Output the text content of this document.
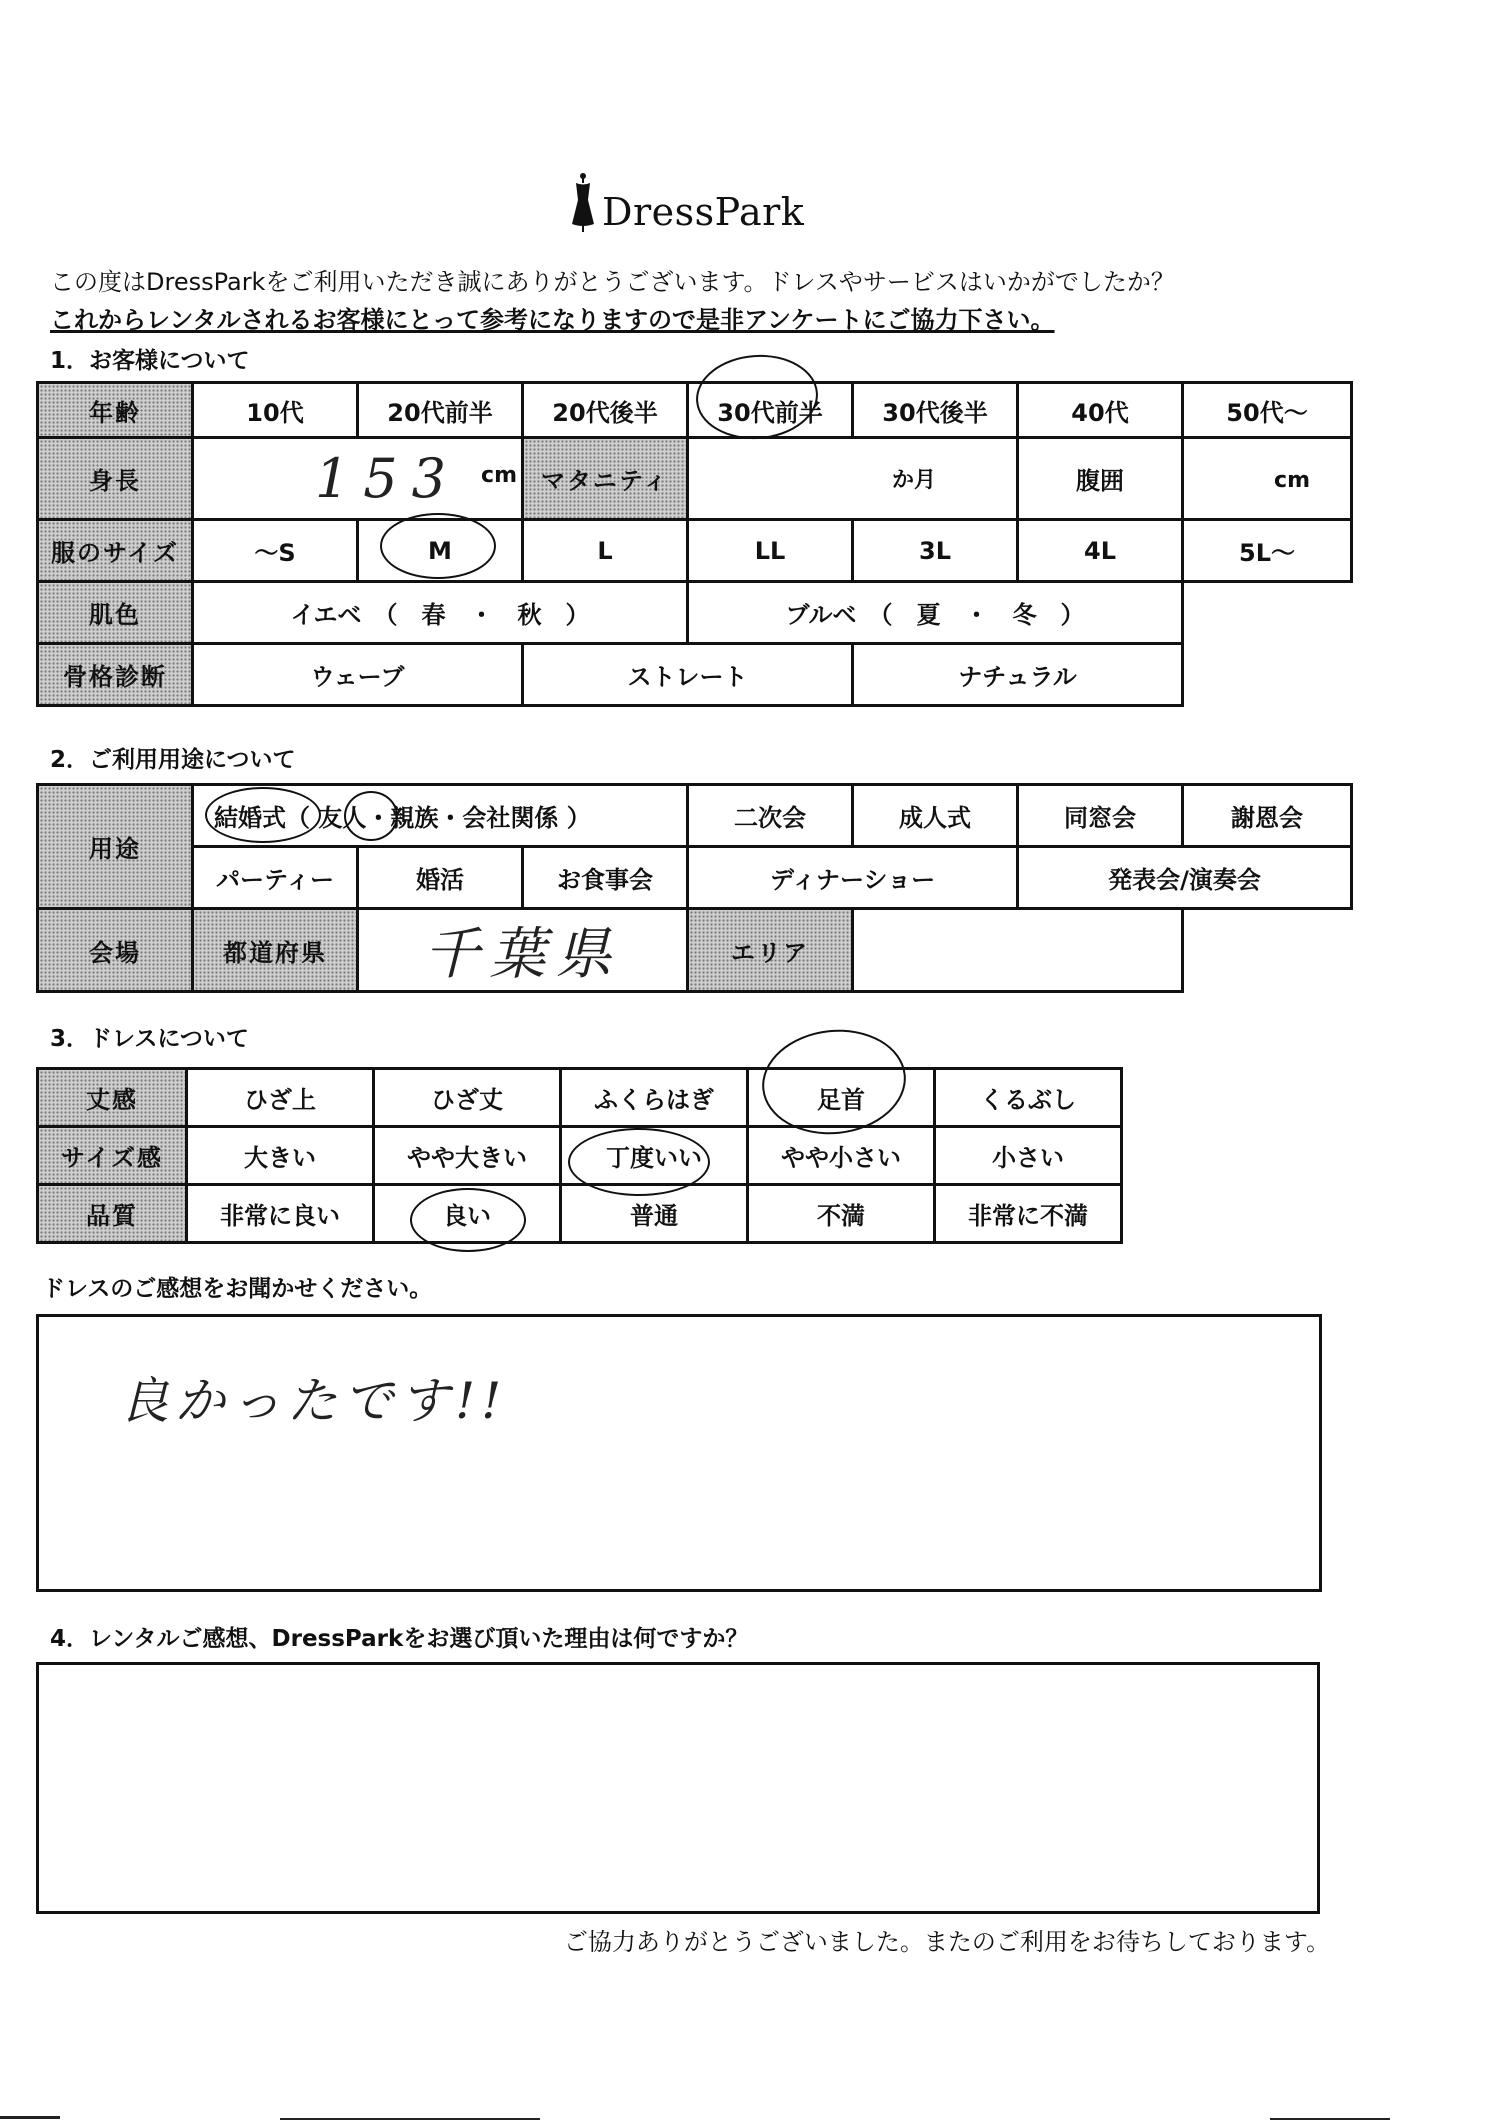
DressPark
この度はDressParkをご利用いただき誠にありがとうございます。ドレスやサービスはいかがでしたか？
これからレンタルされるお客様にとって参考になりますので是非アンケートにご協力下さい。
1．お客様について
年齢	10代	20代前半	20代後半	30代前半	30代後半	40代	50代～
身長	153 cm		マタニティ	か月		腹囲	cm
服のサイズ	～S	M	L	LL	3L	4L	5L～
肌色	イエベ　（　春　・　秋　）			ブルベ　（　夏　・　冬　）			
骨格診断	ウェーブ		ストレート		ナチュラル		
2．ご利用用途について
用途	結婚式（ 友人・親族・会社関係 ）			二次会	成人式	同窓会	謝恩会
	パーティー	婚活	お食事会	ディナーショー		発表会/演奏会	
会場	都道府県	千葉県		エリア			
3．ドレスについて
丈感	ひざ上	ひざ丈	ふくらはぎ	足首	くるぶし
サイズ感	大きい	やや大きい	丁度いい	やや小さい	小さい
品質	非常に良い	良い	普通	不満	非常に不満
ドレスのご感想をお聞かせください。
良かったです!!
4．レンタルご感想、DressParkをお選び頂いた理由は何ですか？
ご協力ありがとうございました。またのご利用をお待ちしております。
